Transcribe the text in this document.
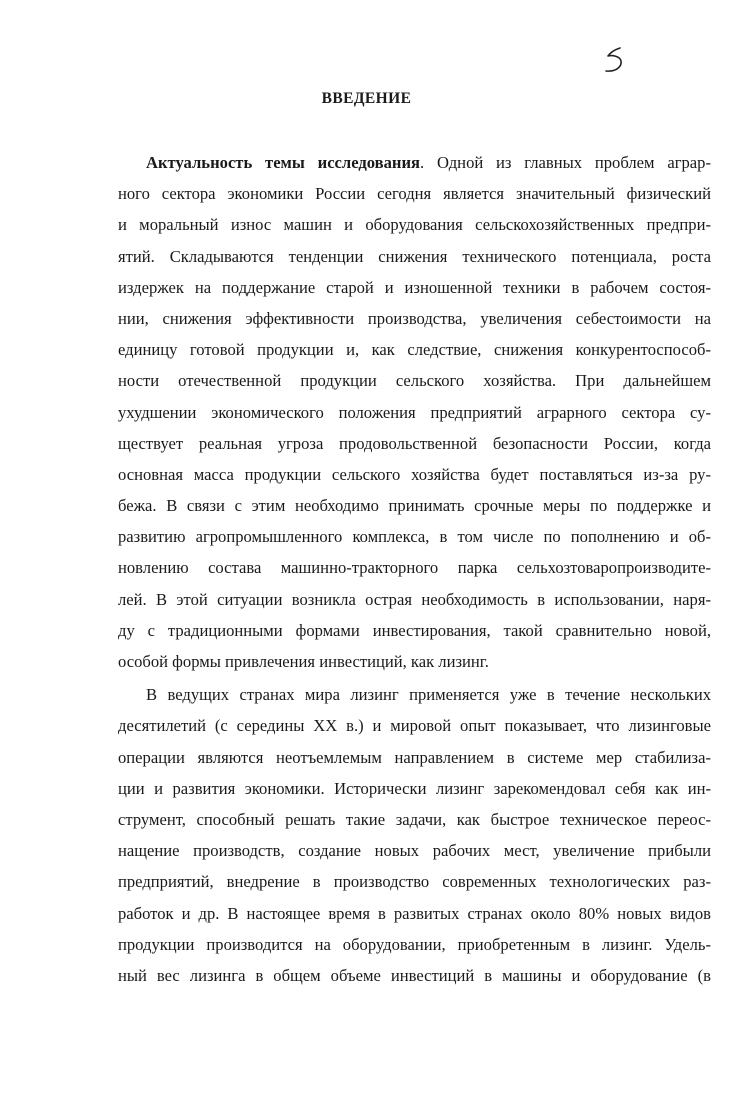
ВВЕДЕНИЕ
Актуальность темы исследования. Одной из главных проблем аграр-
ного сектора экономики России сегодня является значительный физический
и моральный износ машин и оборудования сельскохозяйственных предпри-
ятий. Складываются тенденции снижения технического потенциала, роста
издержек на поддержание старой и изношенной техники в рабочем состоя-
нии, снижения эффективности производства, увеличения себестоимости на
единицу готовой продукции и, как следствие, снижения конкурентоспособ-
ности отечественной продукции сельского хозяйства. При дальнейшем
ухудшении экономического положения предприятий аграрного сектора су-
ществует реальная угроза продовольственной безопасности России, когда
основная масса продукции сельского хозяйства будет поставляться из-за ру-
бежа. В связи с этим необходимо принимать срочные меры по поддержке и
развитию агропромышленного комплекса, в том числе по пополнению и об-
новлению состава машинно-тракторного парка сельхозтоваропроизводите-
лей. В этой ситуации возникла острая необходимость в использовании, наря-
ду с традиционными формами инвестирования, такой сравнительно новой,
особой формы привлечения инвестиций, как лизинг.
В ведущих странах мира лизинг применяется уже в течение нескольких
десятилетий (с середины XX в.) и мировой опыт показывает, что лизинговые
операции являются неотъемлемым направлением в системе мер стабилиза-
ции и развития экономики. Исторически лизинг зарекомендовал себя как ин-
струмент, способный решать такие задачи, как быстрое техническое переос-
нащение производств, создание новых рабочих мест, увеличение прибыли
предприятий, внедрение в производство современных технологических раз-
работок и др. В настоящее время в развитых странах около 80% новых видов
продукции производится на оборудовании, приобретенным в лизинг. Удель-
ный вес лизинга в общем объеме инвестиций в машины и оборудование (в
